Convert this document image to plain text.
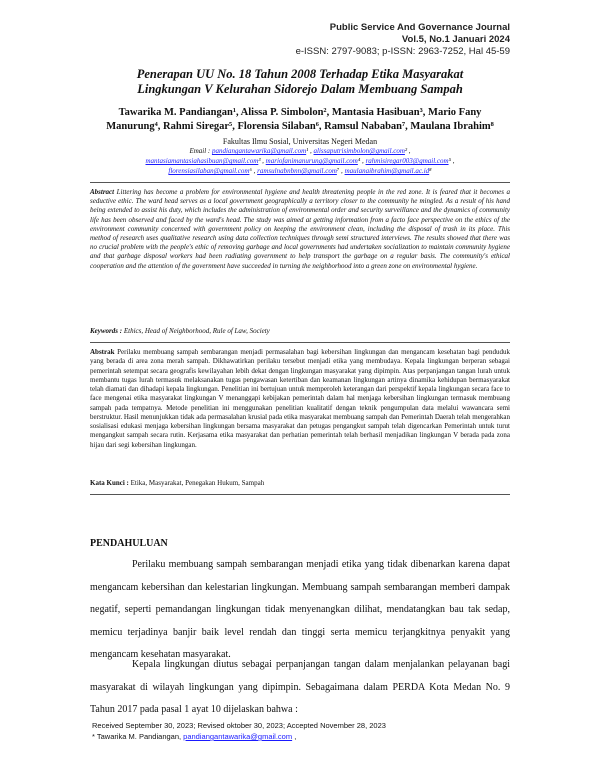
Public Service And Governance Journal
Vol.5, No.1 Januari 2024
e-ISSN: 2797-9083; p-ISSN: 2963-7252, Hal 45-59
Penerapan UU No. 18 Tahun 2008 Terhadap Etika Masyarakat
Lingkungan V Kelurahan Sidorejo Dalam Membuang Sampah
Tawarika M. Pandiangan¹, Alissa P. Simbolon², Mantasia Hasibuan³, Mario Fany
Manurung⁴, Rahmi Siregar⁵, Florensia Silaban⁶, Ramsul Nababan⁷, Maulana Ibrahim⁸
Fakultas Ilmu Sosial, Universitas Negeri Medan
Email : pandiangantawarika@gmail.com¹ , alissaputrisimbolon@gmail.com² ,
mantasiamantasiahasibuan@gmail.com³ , mariofanimanurung@gmail.com⁴ , rahmisiregar003@gmail.com⁵ ,
florensiasilaban@gmail.com⁶ , ramsulnabnbnn@gmail.com⁷ , maulanaibrahim@gmail.ac.id⁸
Abstract Littering has become a problem for environmental hygiene and health threatening people in the red zone. It is feared that it becomes a seductive ethic. The ward head serves as a local government geographically a territory closer to the community he mingled. As a result of his hand being extended to assist his duty, which includes the administration of environmental order and security surveillance and the dynamics of community life has been observed and faced by the ward's head. The study was aimed at getting information from a facto face perspective on the ethics of the environment community concerned with government policy on keeping the environment clean, including the disposal of trash in its place. This method of research uses qualitative research using data collection techniques through semi structured interviews. The results showed that there was no crucial problem with the people's ethic of removing garbage and local governments had undertaken socialization to maintain community hygiene and that garbage disposal workers had been radiating government to help transport the garbage on a regular basis. The community's ethical cooperation and the attention of the government have succeeded in turning the neighborhood into a green zone on environmental hygiene.
Keywords : Ethics, Head of Neighborhood, Rule of Law, Society
Abstrak Perilaku membuang sampah sembarangan menjadi permasalahan bagi kebersihan lingkungan dan mengancam kesehatan bagi penduduk yang berada di area zona merah sampah. Dikhawatirkan perilaku tersebut menjadi etika yang membudaya. Kepala lingkungan berperan sebagai pemerintah setempat secara geografis kewilayahan lebih dekat dengan lingkungan masyarakat yang dipimpin. Atas perpanjangan tangan lurah untuk membantu tugas lurah termasuk melaksanakan tugas pengawasan ketertiban dan keamanan lingkungan artinya dinamika kehidupan bermasyarakat telah diamati dan dihadapi kepala lingkungan. Penelitian ini bertujuan untuk memperoleh keterangan dari perspektif kepala lingkungan secara face to face mengenai etika masyarakat lingkungan V menanggapi kebijakan pemerintah dalam hal menjaga kebersihan lingkungan termasuk membuang sampah pada tempatnya. Metode penelitian ini menggunakan penelitian kualitatif dengan teknik pengumpulan data melalui wawancara semi berstruktur. Hasil menunjukkan tidak ada permasalahan krusial pada etika masyarakat membuang sampah dan Pemerintah Daerah telah mengerahkan sosialisasi edukasi menjaga kebersihan lingkungan bersama masyarakat dan petugas pengangkut sampah telah digencarkan Pemerintah untuk turut mengangkut sampah secara rutin. Kerjasama etika masyarakat dan perhatian pemerintah telah berhasil menjadikan lingkungan V berada pada zona hijau dari segi kebersihan lingkungan.
Kata Kunci : Etika, Masyarakat, Penegakan Hukum, Sampah
PENDAHULUAN
Perilaku membuang sampah sembarangan menjadi etika yang tidak dibenarkan karena dapat mengancam kebersihan dan kelestarian lingkungan. Membuang sampah sembarangan memberi dampak negatif, seperti pemandangan lingkungan tidak menyenangkan dilihat, mendatangkan bau tak sedap, memicu terjadinya banjir baik level rendah dan tinggi serta memicu terjangkitnya penyakit yang mengancam kesehatan masyarakat.
Kepala lingkungan diutus sebagai perpanjangan tangan dalam menjalankan pelayanan bagi masyarakat di wilayah lingkungan yang dipimpin. Sebagaimana dalam PERDA Kota Medan No. 9 Tahun 2017 pada pasal 1 ayat 10 dijelaskan bahwa :
Received September 30, 2023; Revised oktober 30, 2023; Accepted November 28, 2023
* Tawarika M. Pandiangan, pandiangantawarika@gmail.com ,
